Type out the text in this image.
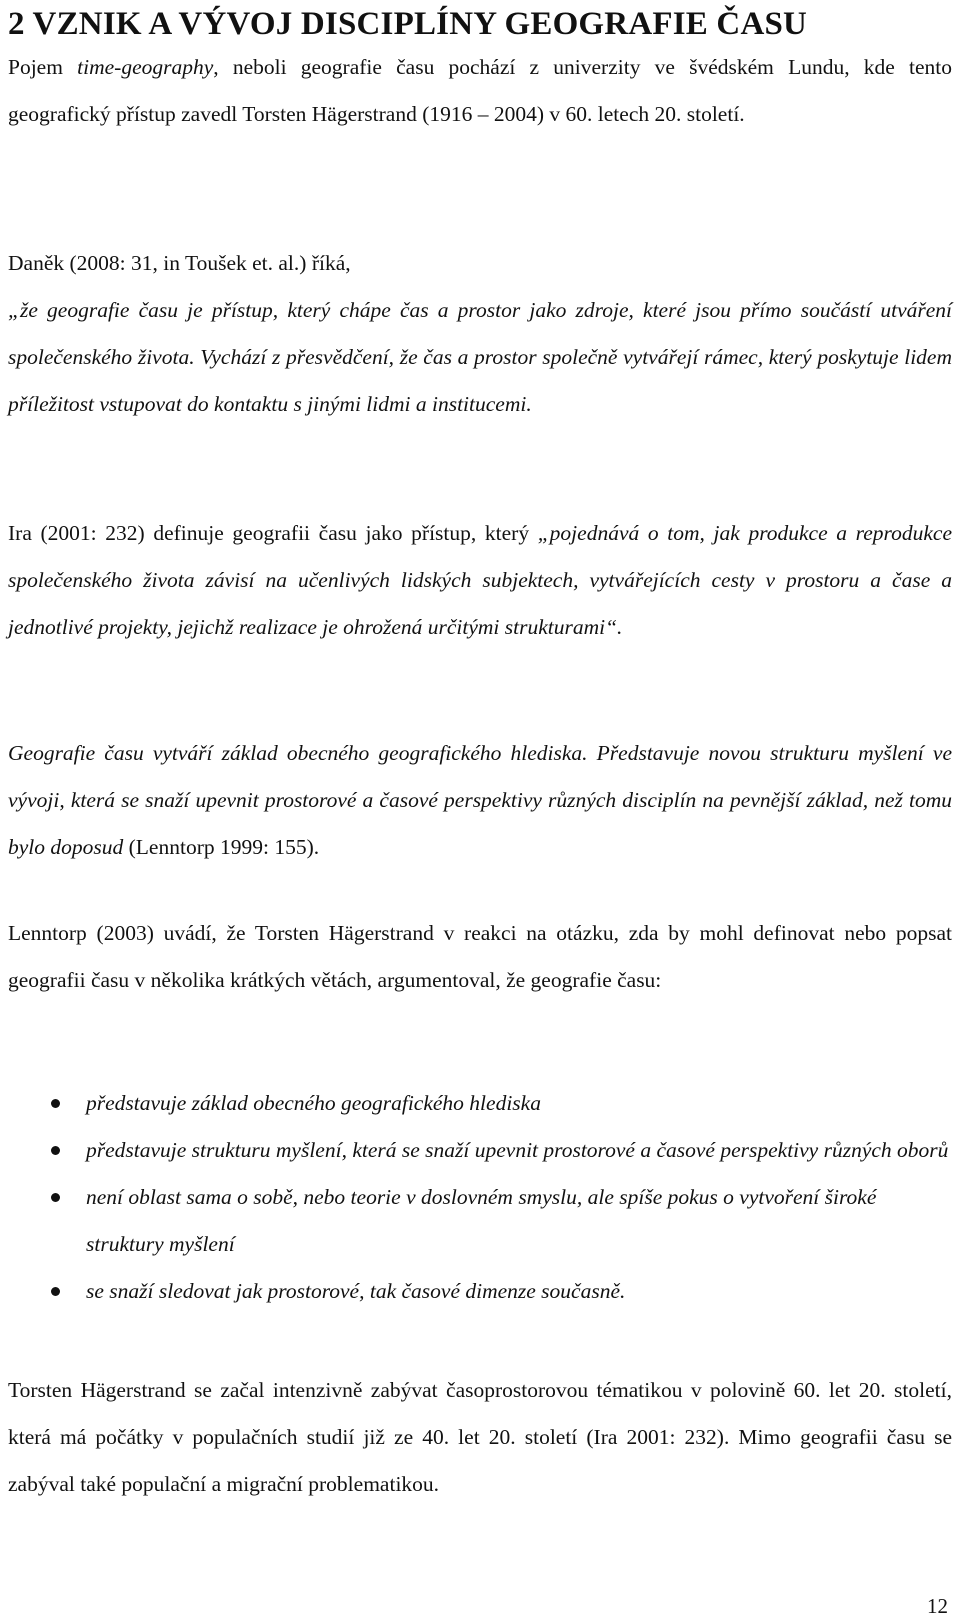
2 VZNIK A VÝVOJ DISCIPLÍNY GEOGRAFIE ČASU

Pojem time-geography, neboli geografie času pochází z univerzity ve švédském Lundu, kde tento geografický přístup zavedl Torsten Hägerstrand (1916 – 2004) v 60. letech 20. století.

Daněk (2008: 31, in Toušek et. al.) říká,

„že geografie času je přístup, který chápe čas a prostor jako zdroje, které jsou přímo součástí utváření společenského života. Vychází z přesvědčení, že čas a prostor společně vytvářejí rámec, který poskytuje lidem příležitost vstupovat do kontaktu s jinými lidmi a institucemi.

Ira (2001: 232) definuje geografii času jako přístup, který „pojednává o tom, jak produkce a reprodukce společenského života závisí na učenlivých lidských subjektech, vytvářejících cesty v prostoru a čase a jednotlivé projekty, jejichž realizace je ohrožená určitými strukturami“.

Geografie času vytváří základ obecného geografického hlediska. Představuje novou strukturu myšlení ve vývoji, která se snaží upevnit prostorové a časové perspektivy různých disciplín na pevnější základ, než tomu bylo doposud (Lenntorp 1999: 155).

Lenntorp (2003) uvádí, že Torsten Hägerstrand v reakci na otázku, zda by mohl definovat nebo popsat geografii času v několika krátkých větách, argumentoval, že geografie času:

představuje základ obecného geografického hlediska
představuje strukturu myšlení, která se snaží upevnit prostorové a časové perspektivy různých oborů
není oblast sama o sobě, nebo teorie v doslovném smyslu, ale spíše pokus o vytvoření široké struktury myšlení
se snaží sledovat jak prostorové, tak časové dimenze současně.

Torsten Hägerstrand se začal intenzivně zabývat časoprostorovou tématikou v polovině 60. let 20. století, která má počátky v populačních studií již ze 40. let 20. století (Ira 2001: 232). Mimo geografii času se zabýval také populační a migrační problematikou.

12
